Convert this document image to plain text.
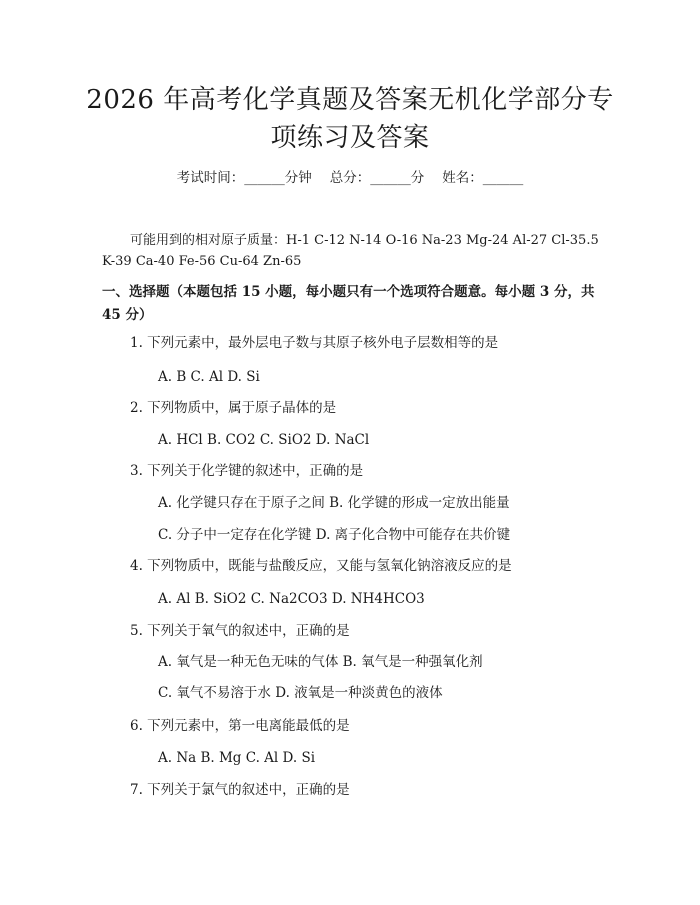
2026 年高考化学真题及答案无机化学部分专
项练习及答案
考试时间：______分钟 总分：______分 姓名：______
可能用到的相对原子质量：H-1 C-12 N-14 O-16 Na-23 Mg-24 Al-27 Cl-35.5
K-39 Ca-40 Fe-56 Cu-64 Zn-65
一、选择题（本题包括 15 小题，每小题只有一个选项符合题意。每小题 3 分，共
45 分）
1. 下列元素中，最外层电子数与其原子核外电子层数相等的是
A. B C. Al D. Si
2. 下列物质中，属于原子晶体的是
A. HCl B. CO2 C. SiO2 D. NaCl
3. 下列关于化学键的叙述中，正确的是
A. 化学键只存在于原子之间 B. 化学键的形成一定放出能量
C. 分子中一定存在化学键 D. 离子化合物中可能存在共价键
4. 下列物质中，既能与盐酸反应，又能与氢氧化钠溶液反应的是
A. Al B. SiO2 C. Na2CO3 D. NH4HCO3
5. 下列关于氧气的叙述中，正确的是
A. 氧气是一种无色无味的气体 B. 氧气是一种强氧化剂
C. 氧气不易溶于水 D. 液氧是一种淡黄色的液体
6. 下列元素中，第一电离能最低的是
A. Na B. Mg C. Al D. Si
7. 下列关于氯气的叙述中，正确的是
